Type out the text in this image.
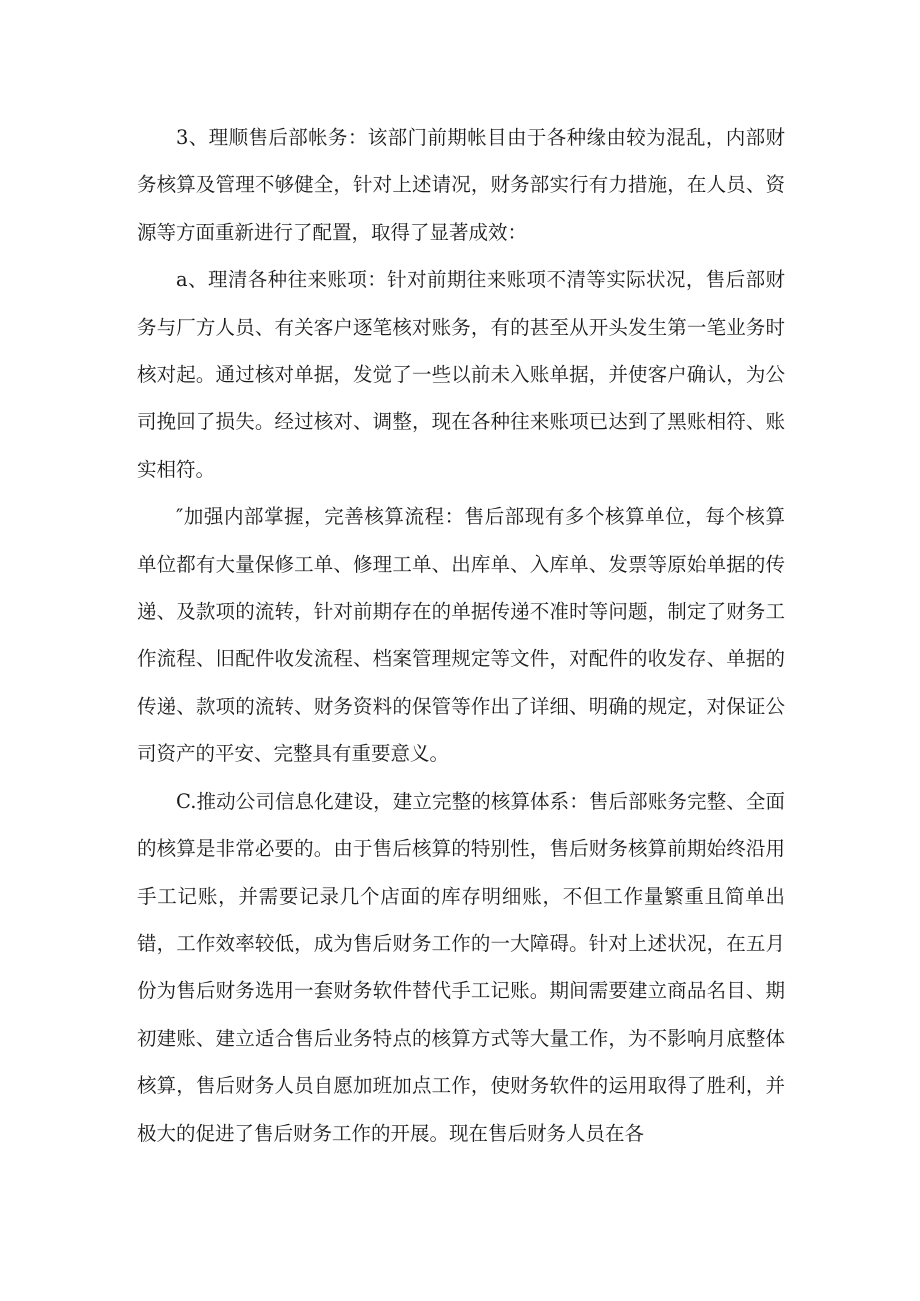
3、理顺售后部帐务：该部门前期帐目由于各种缘由较为混乱，内部财务核算及管理不够健全，针对上述请况，财务部实行有力措施，在人员、资源等方面重新进行了配置，取得了显著成效：

a、理清各种往来账项：针对前期往来账项不清等实际状况，售后部财务与厂方人员、有关客户逐笔核对账务，有的甚至从开头发生第一笔业务时核对起。通过核对单据，发觉了一些以前未入账单据，并使客户确认，为公司挽回了损失。经过核对、调整，现在各种往来账项已达到了黑账相符、账实相符。

″加强内部掌握，完善核算流程：售后部现有多个核算单位，每个核算单位都有大量保修工单、修理工单、出库单、入库单、发票等原始单据的传递、及款项的流转，针对前期存在的单据传递不准时等问题，制定了财务工作流程、旧配件收发流程、档案管理规定等文件，对配件的收发存、单据的传递、款项的流转、财务资料的保管等作出了详细、明确的规定，对保证公司资产的平安、完整具有重要意义。

C.推动公司信息化建设，建立完整的核算体系：售后部账务完整、全面的核算是非常必要的。由于售后核算的特别性，售后财务核算前期始终沿用手工记账，并需要记录几个店面的库存明细账，不但工作量繁重且简单出错，工作效率较低，成为售后财务工作的一大障碍。针对上述状况，在五月份为售后财务选用一套财务软件替代手工记账。期间需要建立商品名目、期初建账、建立适合售后业务特点的核算方式等大量工作，为不影响月底整体核算，售后财务人员自愿加班加点工作，使财务软件的运用取得了胜利，并极大的促进了售后财务工作的开展。现在售后财务人员在各
